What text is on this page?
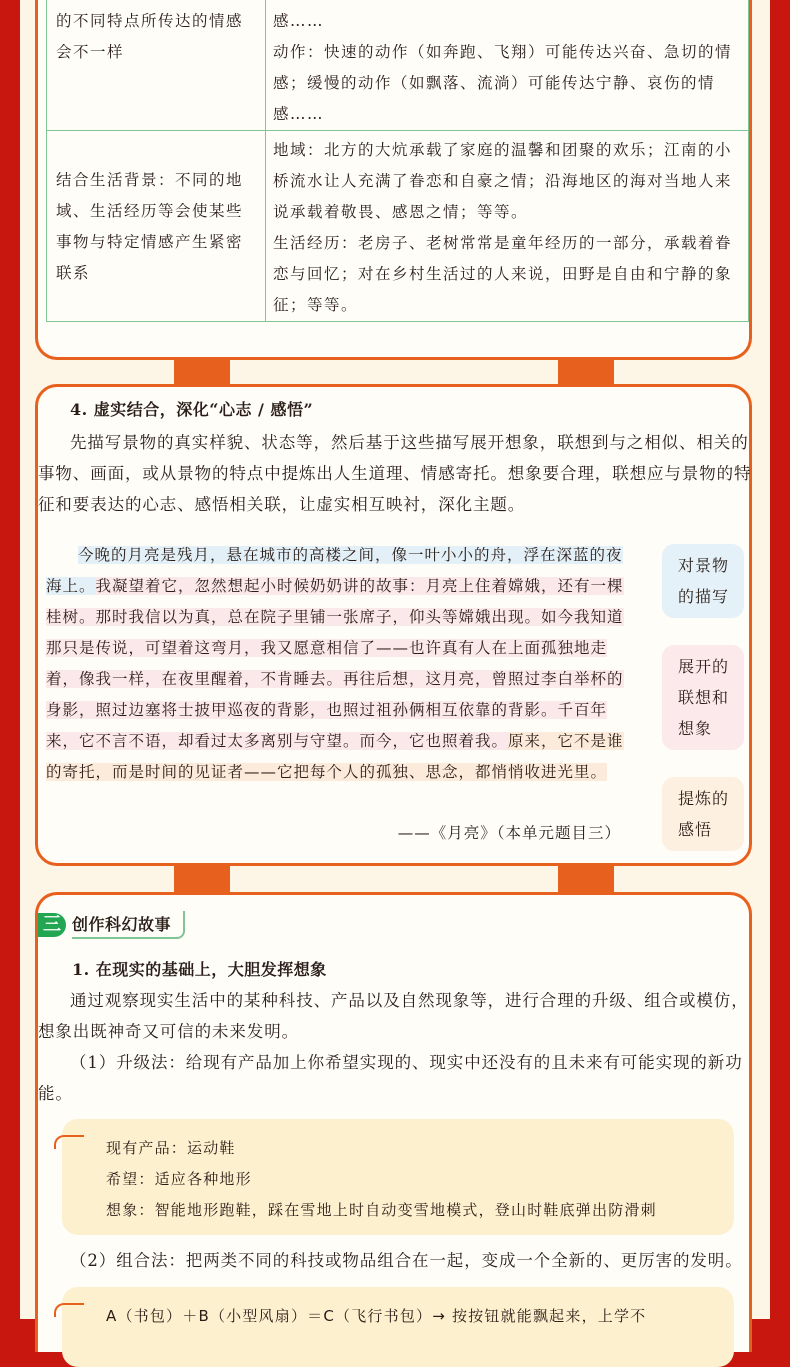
的不同特点所传达的情感会不一样	感……

动作：快速的动作（如奔跑、飞翔）可能传达兴奋、急切的情感；缓慢的动作（如飘落、流淌）可能传达宁静、哀伤的情感……

结合生活背景：不同的地域、生活经历等会使某些事物与特定情感产生紧密联系	地域：北方的大炕承载了家庭的温馨和团聚的欢乐；江南的小桥流水让人充满了眷恋和自豪之情；沿海地区的海对当地人来说承载着敬畏、感恩之情；等等。

生活经历：老房子、老树常常是童年经历的一部分，承载着眷恋与回忆；对在乡村生活过的人来说，田野是自由和宁静的象征；等等。

4. 虚实结合，深化“心志 / 感悟”

先描写景物的真实样貌、状态等，然后基于这些描写展开想象，联想到与之相似、相关的事物、画面，或从景物的特点中提炼出人生道理、情感寄托。想象要合理，联想应与景物的特征和要表达的心志、感悟相关联，让虚实相互映衬，深化主题。

今晚的月亮是残月，悬在城市的高楼之间，像一叶小小的舟，浮在深蓝的夜海上。我凝望着它，忽然想起小时候奶奶讲的故事：月亮上住着嫦娥，还有一棵桂树。那时我信以为真，总在院子里铺一张席子，仰头等嫦娥出现。如今我知道那只是传说，可望着这弯月，我又愿意相信了——也许真有人在上面孤独地走着，像我一样，在夜里醒着，不肯睡去。再往后想，这月亮，曾照过李白举杯的身影，照过边塞将士披甲巡夜的背影，也照过祖孙俩相互依靠的背影。千百年来，它不言不语，却看过太多离别与守望。而今，它也照着我。原来，它不是谁的寄托，而是时间的见证者——它把每个人的孤独、思念，都悄悄收进光里。

——《月亮》（本单元题目三）
对景物的描写
展开的联想和想象
提炼的感悟
三 创作科幻故事
1. 在现实的基础上，大胆发挥想象

通过观察现实生活中的某种科技、产品以及自然现象等，进行合理的升级、组合或模仿，想象出既神奇又可信的未来发明。

（1）升级法：给现有产品加上你希望实现的、现实中还没有的且未来有可能实现的新功能。

现有产品：运动鞋

希望：适应各种地形

想象：智能地形跑鞋，踩在雪地上时自动变雪地模式，登山时鞋底弹出防滑刺

（2）组合法：把两类不同的科技或物品组合在一起，变成一个全新的、更厉害的发明。

A（书包）＋B（小型风扇）＝C（飞行书包）→ 按按钮就能飘起来，上学不
